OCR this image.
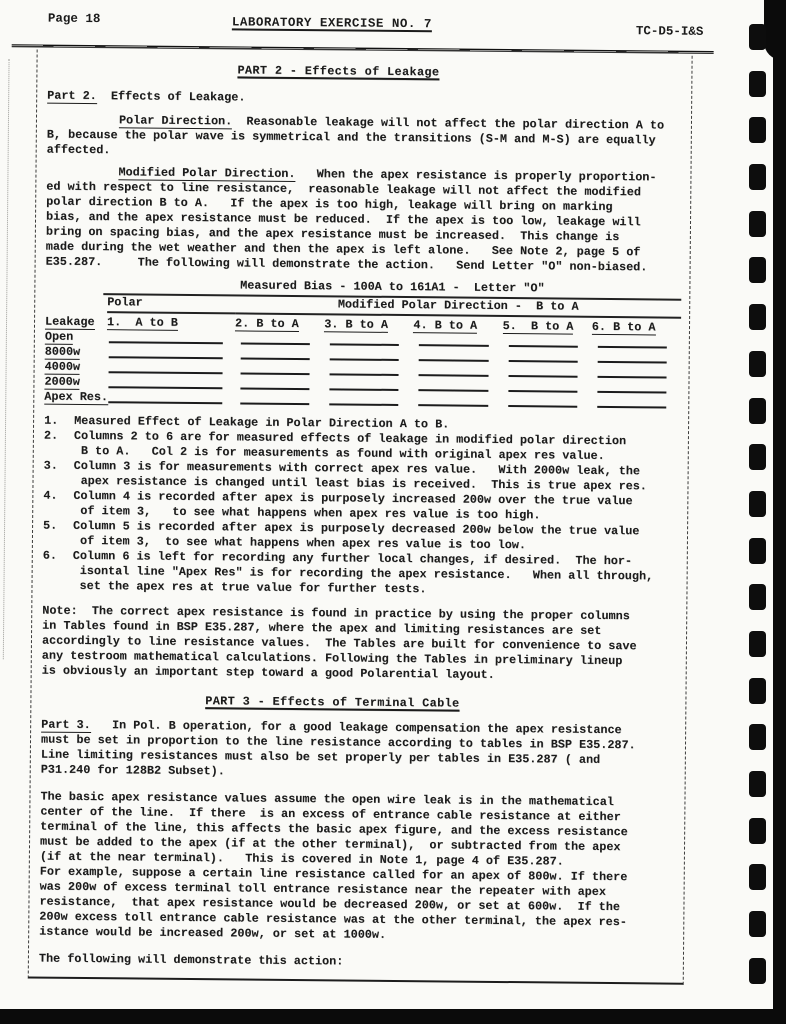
Page 18	LABORATORY EXERCISE NO. 7
TC-D5-I&S
PART 2 - Effects of Leakage
Part 2.  Effects of Leakage.
Polar Direction.  Reasonable leakage will not affect the polar direction A to
B, because the polar wave is symmetrical and the transitions (S-M and M-S) are equally
affected.
Modified Polar Direction.   When the apex resistance is properly proportion-
ed with respect to line resistance,  reasonable leakage will not affect the modified
polar direction B to A.   If the apex is too high, leakage will bring on marking
bias, and the apex resistance must be reduced.  If the apex is too low, leakage will
bring on spacing bias, and the apex resistance must be increased.  This change is
made during the wet weather and then the apex is left alone.   See Note 2, page 5 of
E35.287.     The following will demonstrate the action.   Send Letter "O" non-biased.
Measured Bias - 100A to 161A1 -  Letter "O"
Polar	Modified Polar Direction -  B to A
Leakage	1.  A to B	2. B to A	3. B to A	4. B to A	5.  B to A	6. B to A
Open
8000w
4000w
2000w
Apex Res.
1.	Measured Effect of Leakage in Polar Direction A to B.
2.	Columns 2 to 6 are for measured effects of leakage in modified polar direction
B to A.   Col 2 is for measurements as found with original apex res value.
3.	Column 3 is for measurements with correct apex res value.   With 2000w leak, the
apex resistance is changed until least bias is received.  This is true apex res.
4.	Column 4 is recorded after apex is purposely increased 200w over the true value
of item 3,   to see what happens when apex res value is too high.
5.	Column 5 is recorded after apex is purposely decreased 200w below the true value
of item 3,  to see what happens when apex res value is too low.
6.	Column 6 is left for recording any further local changes, if desired.  The hor-
isontal line "Apex Res" is for recording the apex resistance.   When all through,
set the apex res at true value for further tests.
Note:  The correct apex resistance is found in practice by using the proper columns
in Tables found in BSP E35.287, where the apex and limiting resistances are set
accordingly to line resistance values.  The Tables are built for convenience to save
any testroom mathematical calculations. Following the Tables in preliminary lineup
is obviously an important step toward a good Polarential layout.
PART 3 - Effects of Terminal Cable
Part 3.   In Pol. B operation, for a good leakage compensation the apex resistance
must be set in proportion to the line resistance according to tables in BSP E35.287.
Line limiting resistances must also be set properly per tables in E35.287 ( and
P31.240 for 128B2 Subset).
The basic apex resistance values assume the open wire leak is in the mathematical
center of the line.  If there  is an excess of entrance cable resistance at either
terminal of the line, this affects the basic apex figure, and the excess resistance
must be added to the apex (if at the other terminal),  or subtracted from the apex
(if at the near terminal).   This is covered in Note 1, page 4 of E35.287.
For example, suppose a certain line resistance called for an apex of 800w. If there
was 200w of excess terminal toll entrance resistance near the repeater with apex
resistance,  that apex resistance would be decreased 200w, or set at 600w.  If the
200w excess toll entrance cable resistance was at the other terminal, the apex res-
istance would be increased 200w, or set at 1000w.
The following will demonstrate this action:
